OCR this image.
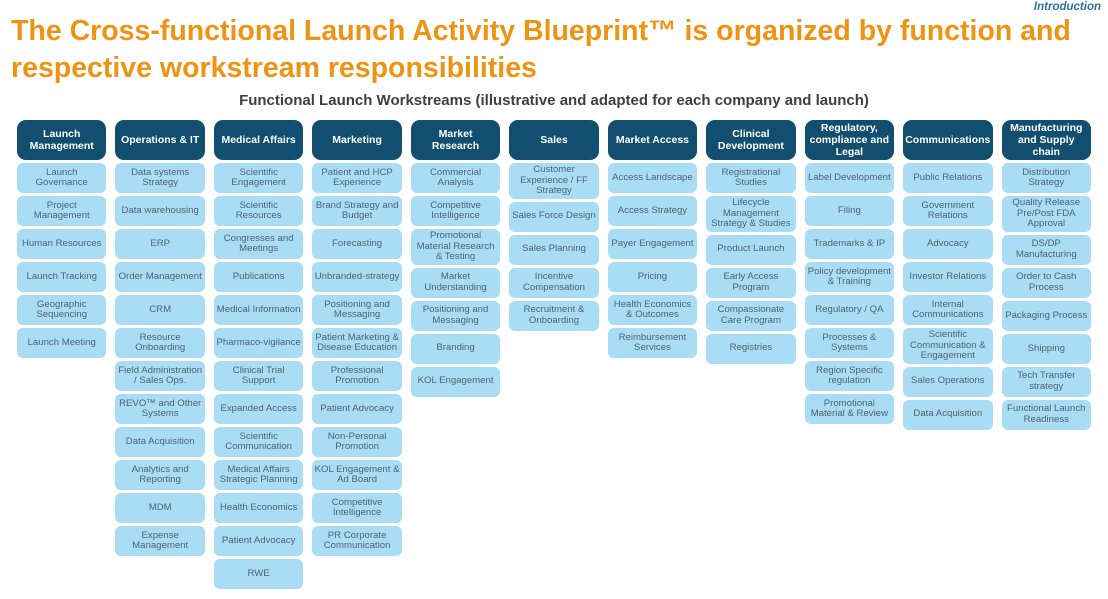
Introduction
The Cross-functional Launch Activity Blueprint™ is organized by function and respective workstream responsibilities
Functional Launch Workstreams (illustrative and adapted for each company and launch)
Launch Management
Launch Governance
Project Management
Human Resources
Launch Tracking
Geographic Sequencing
Launch Meeting
Operations & IT
Data systems Strategy
Data warehousing
ERP
Order Management
CRM
Resource Onboarding
Field Administration / Sales Ops.
REVO™ and Other Systems
Data Acquisition
Analytics and Reporting
MDM
Expense Management
Medical Affairs
Scientific Engagement
Scientific Resources
Congresses and Meetings
Publications
Medical Information
Pharmaco-vigilance
Clinical Trial Support
Expanded Access
Scientific Communication
Medical Affairs Strategic Planning
Health Economics
Patient Advocacy
RWE
Marketing
Patient and HCP Experience
Brand Strategy and Budget
Forecasting
Unbranded-strategy
Positioning and Messaging
Patient Marketing & Disease Education
Professional Promotion
Patient Advocacy
Non-Personal Promotion
KOL Engagement & Ad Board
Competitive Intelligence
PR Corporate Communication
Market Research
Commercial Analysis
Competitive Intelligence
Promotional Material Research & Testing
Market Understanding
Positioning and Messaging
Branding
KOL Engagement
Sales
Customer Experience / FF Strategy
Sales Force Design
Sales Planning
Incentive Compensation
Recruitment & Onboarding
Market Access
Access Landscape
Access Strategy
Payer Engagement
Pricing
Health Economics & Outcomes
Reimbursement Services
Clinical Development
Registrational Studies
Lifecycle Management Strategy & Studies
Product Launch
Early Access Program
Compassionate Care Program
Registries
Regulatory, compliance and Legal
Label Development
Filing
Trademarks & IP
Policy development & Training
Regulatory / QA
Processes & Systems
Region Specific regulation
Promotional Material & Review
Communications
Public Relations
Government Relations
Advocacy
Investor Relations
Internal Communications
Scientific Communication & Engagement
Sales Operations
Data Acquisition
Manufacturing and Supply chain
Distribution Strategy
Quality Release Pre/Post FDA Approval
DS/DP Manufacturing
Order to Cash Process
Packaging Process
Shipping
Tech Transfer strategy
Functional Launch Readiness
